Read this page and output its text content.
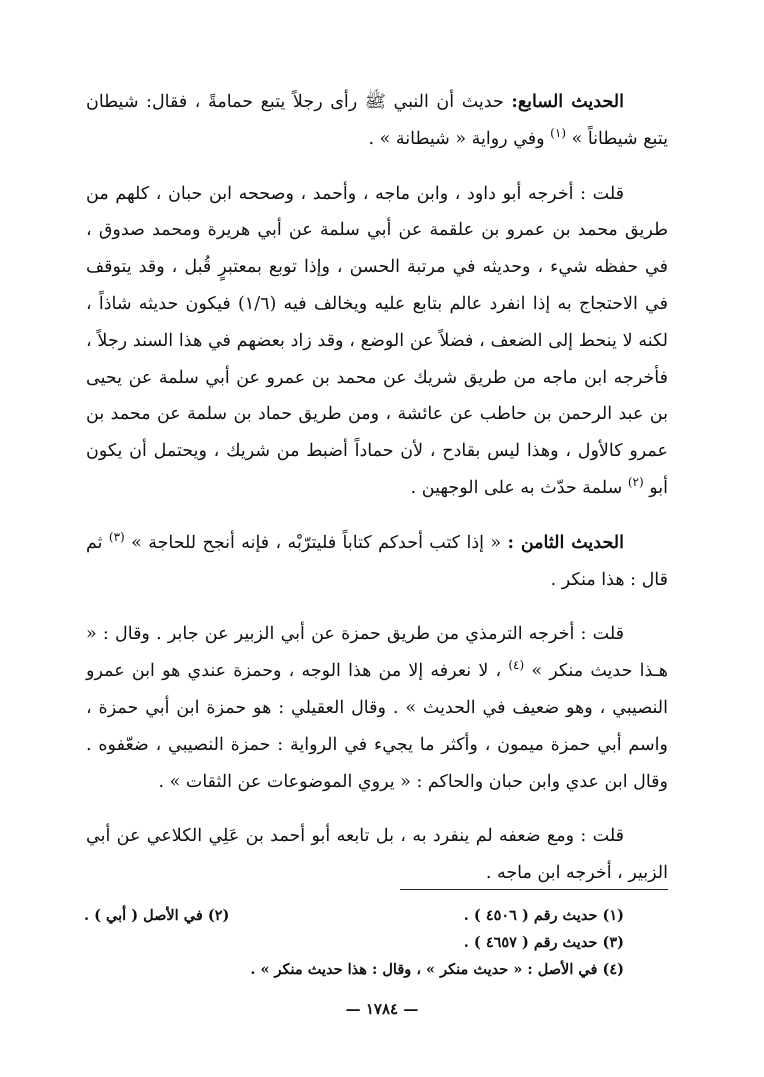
الحديث السابع: حديث أن النبي ﷺ رأى رجلاً يتبع حمامةً ، فقال: شيطان يتبع شيطاناً » $^{(١)}$ وفي رواية « شيطانة » .

قلت : أخرجه أبو داود ، وابن ماجه ، وأحمد ، وصححه ابن حبان ، كلهم من طريق محمد بن عمرو بن علقمة عن أبي سلمة عن أبي هريرة ومحمد صدوق ، في حفظه شيء ، وحديثه في مرتبة الحسن ، وإذا توبع بمعتبرٍ قُبل ، وقد يتوقف في الاحتجاج به إذا انفرد عالم بتابع عليه ويخالف فيه (١/٦) فيكون حديثه شاذاً ، لكنه لا ينحط إلى الضعف ، فضلاً عن الوضع ، وقد زاد بعضهم في هذا السند رجلاً ، فأخرجه ابن ماجه من طريق شريك عن محمد بن عمرو عن أبي سلمة عن يحيى بن عبد الرحمن بن حاطب عن عائشة ، ومن طريق حماد بن سلمة عن محمد بن عمرو كالأول ، وهذا ليس بقادح ، لأن حماداً أضبط من شريك ، ويحتمل أن يكون أبو $^{(٢)}$ سلمة حدّث به على الوجهين .

الحديث الثامن : « إذا كتب أحدكم كتاباً فليترّبْه ، فإنه أنجح للحاجة » $^{(٣)}$ ثم قال : هذا منكر .

قلت : أخرجه الترمذي من طريق حمزة عن أبي الزبير عن جابر . وقال : « هـذا حديث منكر » $^{(٤)}$ ، لا نعرفه إلا من هذا الوجه ، وحمزة عندي هو ابن عمرو النصيبي ، وهو ضعيف في الحديث » . وقال العقيلي : هو حمزة ابن أبي حمزة ، واسم أبي حمزة ميمون ، وأكثر ما يجيء في الرواية : حمزة النصيبي ، ضعّفوه . وقال ابن عدي وابن حبان والحاكم : « يروي الموضوعات عن الثقات » .

قلت : ومع ضعفه لم ينفرد به ، بل تابعه أبو أحمد بن عَلِي الكلاعي عن أبي الزبير ، أخرجه ابن ماجه .

(١) حديث رقم ( ٤٥٠٦ ) .
(٢) في الأصل ( أبي ) .
(٣) حديث رقم ( ٤٦٥٧ ) .
(٤) في الأصل : « حديث منكر » ، وقال : هذا حديث منكر » .
— ١٧٨٤ —
